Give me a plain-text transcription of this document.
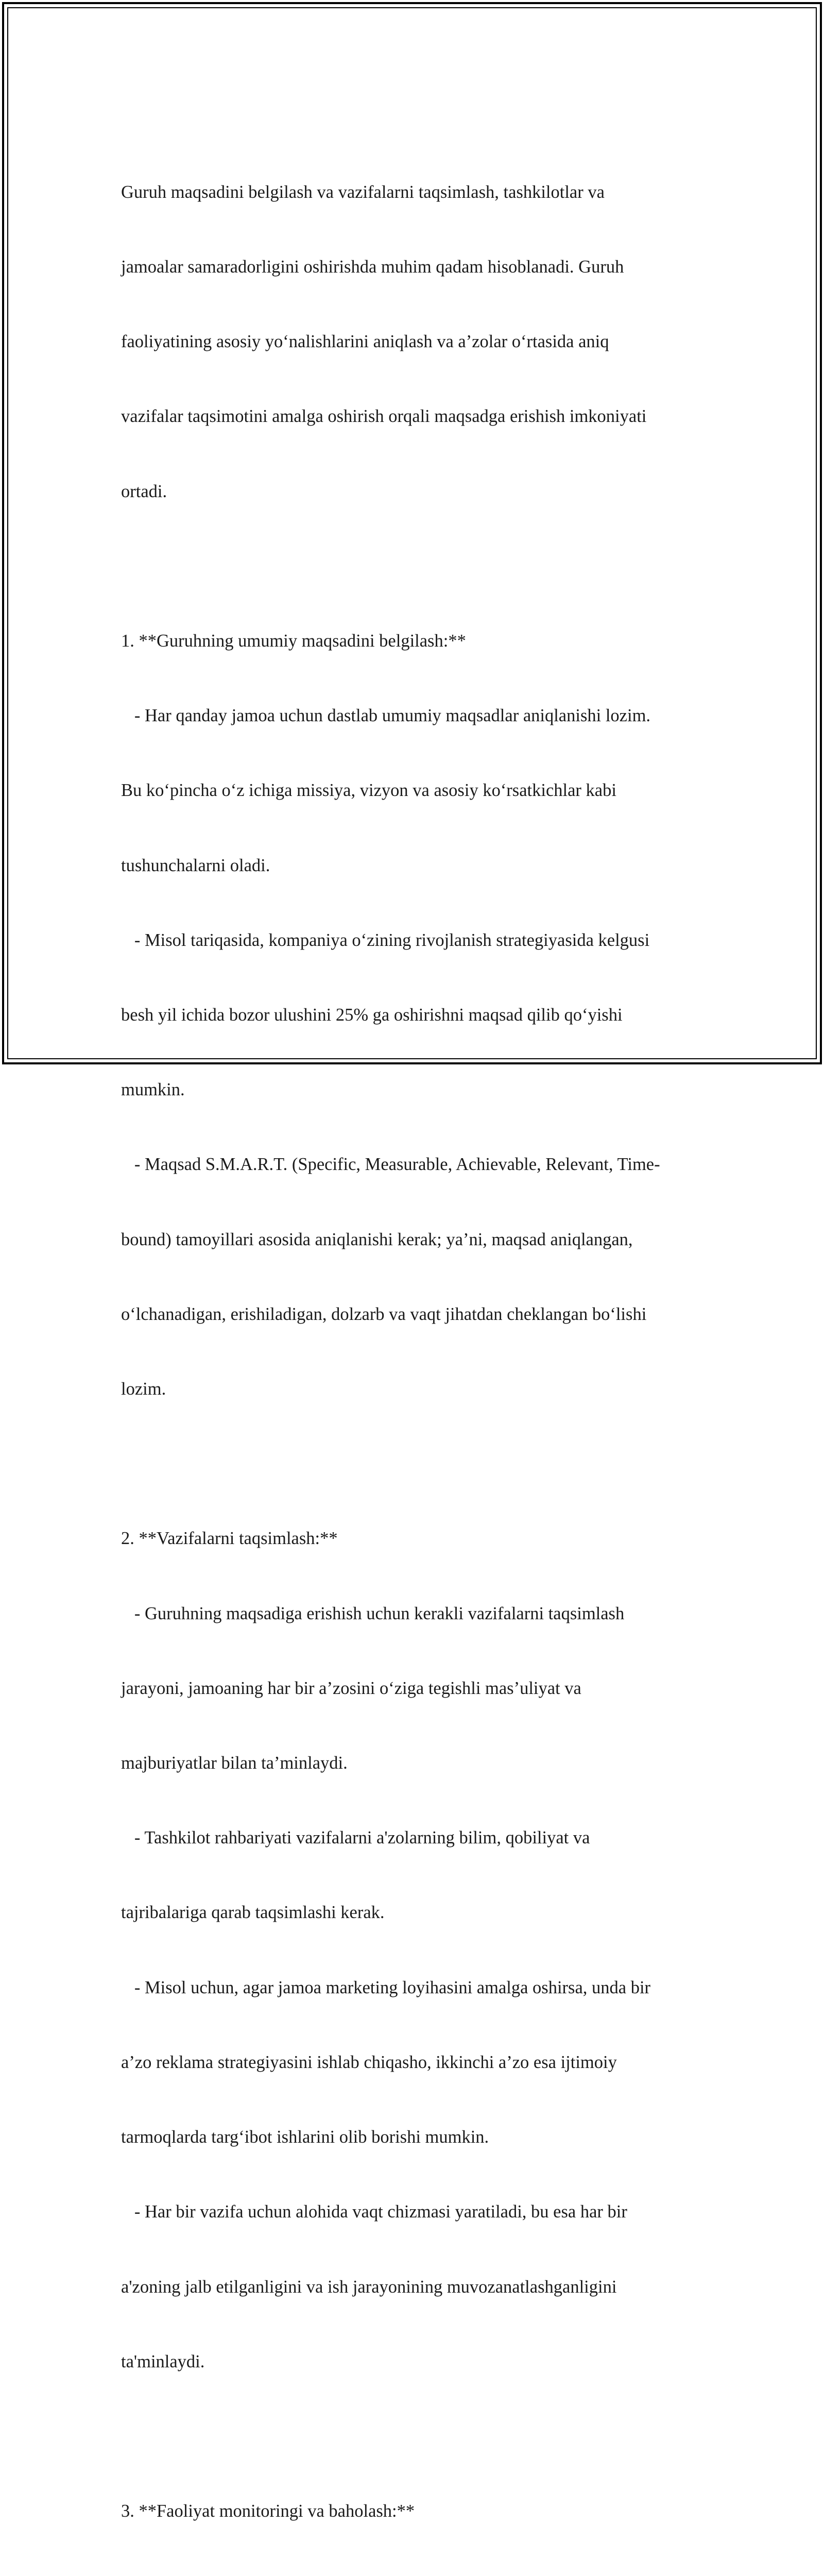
Guruh maqsadini belgilash va vazifalarni taqsimlash, tashkilotlar va

jamoalar samaradorligini oshirishda muhim qadam hisoblanadi. Guruh

faoliyatining asosiy yo‘nalishlarini aniqlash va a’zolar o‘rtasida aniq

vazifalar taqsimotini amalga oshirish orqali maqsadga erishish imkoniyati

ortadi.

1. **Guruhning umumiy maqsadini belgilash:**

- Har qanday jamoa uchun dastlab umumiy maqsadlar aniqlanishi lozim.

Bu ko‘pincha o‘z ichiga missiya, vizyon va asosiy ko‘rsatkichlar kabi

tushunchalarni oladi.

- Misol tariqasida, kompaniya o‘zining rivojlanish strategiyasida kelgusi

besh yil ichida bozor ulushini 25% ga oshirishni maqsad qilib qo‘yishi

mumkin.

- Maqsad S.M.A.R.T. (Specific, Measurable, Achievable, Relevant, Time-

bound) tamoyillari asosida aniqlanishi kerak; ya’ni, maqsad aniqlangan,

o‘lchanadigan, erishiladigan, dolzarb va vaqt jihatdan cheklangan bo‘lishi

lozim.

2. **Vazifalarni taqsimlash:**

- Guruhning maqsadiga erishish uchun kerakli vazifalarni taqsimlash

jarayoni, jamoaning har bir a’zosini o‘ziga tegishli mas’uliyat va

majburiyatlar bilan ta’minlaydi.

- Tashkilot rahbariyati vazifalarni a'zolarning bilim, qobiliyat va

tajribalariga qarab taqsimlashi kerak.

- Misol uchun, agar jamoa marketing loyihasini amalga oshirsa, unda bir

a’zo reklama strategiyasini ishlab chiqasho, ikkinchi a’zo esa ijtimoiy

tarmoqlarda targ‘ibot ishlarini olib borishi mumkin.

- Har bir vazifa uchun alohida vaqt chizmasi yaratiladi, bu esa har bir

a'zoning jalb etilganligini va ish jarayonining muvozanatlashganligini

ta'minlaydi.

3. **Faoliyat monitoringi va baholash:**
